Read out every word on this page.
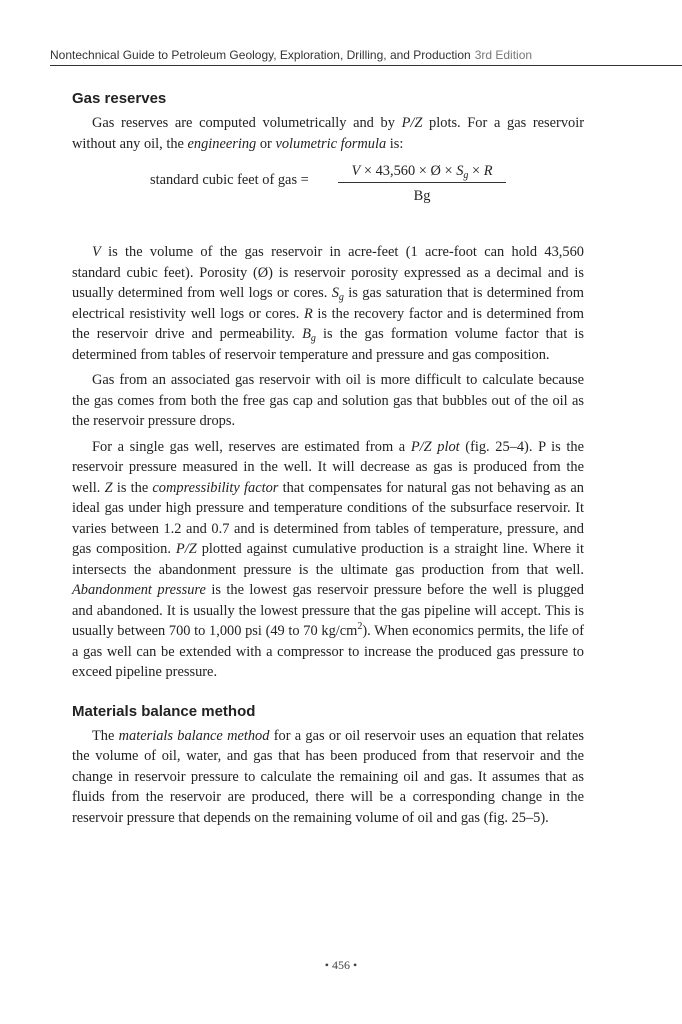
Nontechnical Guide to Petroleum Geology, Exploration, Drilling, and Production 3rd Edition
Gas reserves

Gas reserves are computed volumetrically and by P/Z plots. For a gas reservoir without any oil, the engineering or volumetric formula is:

standard cubic feet of gas = $\frac{V \times 43,560 \times Ø \times S_g \times R}{Bg}$

V is the volume of the gas reservoir in acre-feet (1 acre-foot can hold 43,560 standard cubic feet). Porosity (Ø) is reservoir porosity expressed as a decimal and is usually determined from well logs or cores. $S_g$ is gas saturation that is determined from electrical resistivity well logs or cores. R is the recovery factor and is determined from the reservoir drive and permeability. $B_g$ is the gas formation volume factor that is determined from tables of reservoir temperature and pressure and gas composition.

Gas from an associated gas reservoir with oil is more difficult to calculate because the gas comes from both the free gas cap and solution gas that bubbles out of the oil as the reservoir pressure drops.

For a single gas well, reserves are estimated from a P/Z plot (fig. 25–4). P is the reservoir pressure measured in the well. It will decrease as gas is produced from the well. Z is the compressibility factor that compensates for natural gas not behaving as an ideal gas under high pressure and temperature conditions of the subsurface reservoir. It varies between 1.2 and 0.7 and is determined from tables of temperature, pressure, and gas composition. P/Z plotted against cumulative production is a straight line. Where it intersects the abandonment pressure is the ultimate gas production from that well. Abandonment pressure is the lowest gas reservoir pressure before the well is plugged and abandoned. It is usually the lowest pressure that the gas pipeline will accept. This is usually between 700 to 1,000 psi (49 to 70 $kg/cm^2$). When economics permits, the life of a gas well can be extended with a compressor to increase the produced gas pressure to exceed pipeline pressure.

Materials balance method

The materials balance method for a gas or oil reservoir uses an equation that relates the volume of oil, water, and gas that has been produced from that reservoir and the change in reservoir pressure to calculate the remaining oil and gas. It assumes that as fluids from the reservoir are produced, there will be a corresponding change in the reservoir pressure that depends on the remaining volume of oil and gas (fig. 25–5).

• 456 •
